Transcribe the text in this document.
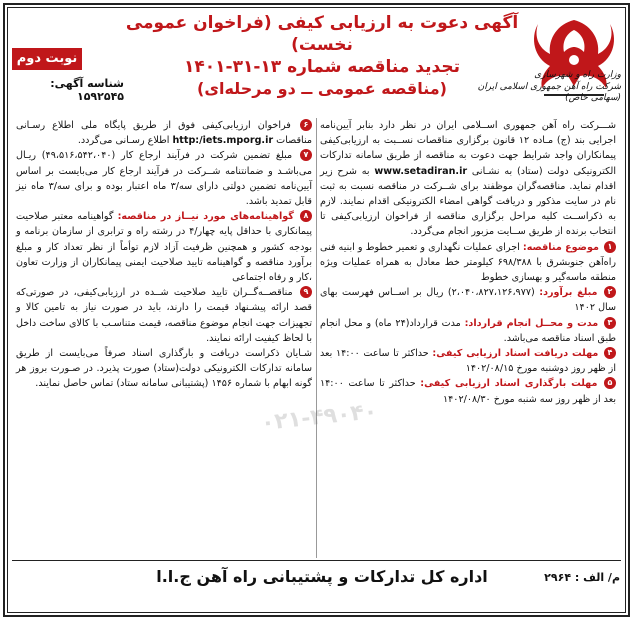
وزارت راه و شهرسازی
شرکت راه آهن جمهوری اسلامی ایران (سهامی خاص)
آگهی دعوت به ارزیابی کیفی (فراخوان عمومی نخست)
تجدید مناقصه شماره ۱۳-۳۱-۱۴۰۱
(مناقصه عمومی ــ دو مرحله‌ای)
نوبت دوم
شناسه آگهی: ۱۵۹۲۵۴۵

شـــرکت راه آهن جمهوری اســلامی ایران در نظر دارد بنابر آیین‌نامه اجرایی بند (ج) مـاده ۱۲ قانون برگزاری مناقصات نســبت به ارزیابی‌کیفی پیمانکاران واجد شرایط جهت دعوت به مناقصه از طریق سامانه تدارکات الکترونیکی دولت (ستاد) به نشـانی www.setadiran.ir به شرح زیر اقدام نماید. مناقصه‌گران موظفند برای شــرکت در مناقصه نسبت به ثبت نام در سایت مذکور و دریافت گواهی امضاء الکترونیکی اقدام نمایند. لازم به ذکراســت کلیه مراحل برگزاری مناقصه از فراخوان ارزیابی‌کیفی تا انتخاب برنده از طریق ســایت مزبور انجام می‌گردد.

۱ موضوع مناقصه: اجرای عملیات نگهداری و تعمیر خطوط و ابنیه فنی راه‌آهن جنوبشرق با ۶۹۸/۳۸۸ کیلومتر خط معادل به همراه عملیات ویژه منطقه ماسه‌گیر و بهسازی خطوط

۲ مبلغ برآورد: (۲،۰۴۰،۸۲۷،۱۲۶،۹۷۷) ریال بر اســاس فهرست بهای سال ۱۴۰۲

۳ مدت و محــل انجام قرارداد: مدت قرارداد(۲۴ ماه) و محل انجام طبق اسناد مناقصه می‌باشد.

۴ مهلت دریافت اسناد ارزیابی کیفی: حداکثر تا ساعت ۱۴:۰۰ بعد از ظهر روز دوشنبه مورخ ۱۴۰۲/۰۸/۱۵

۵ مهلت بارگذاری اسناد ارزیابی کیفی: حداکثر تا ساعت ۱۴:۰۰ بعد از ظهر روز سه شنبه مورخ ۱۴۰۲/۰۸/۳۰

۶ فراخوان ارزیابی‌کیفی فوق از طریق پایگاه ملی اطلاع رسـانی مناقصات http:/iets.mporg.ir اطلاع رسـانی می‌گردد.

۷ مبلغ تضمین شرکت در فرآیند ارجاع کار (۴۹،۵۱۶،۵۴۲،۰۴۰) ریـال می‌باشـد و ضمانتنامه شــرکت در فرآیند ارجاع کار می‌بایست بر اساس آیین‌نامه تضمین دولتی دارای سه/۳ ماه اعتبار بوده و برای سه/۳ ماه نیز قابل تمدید باشد.

۸ گواهینامه‌های مورد نیــاز در مناقصه: گواهینامه معتبر صلاحیت پیمانکاری با حداقل پایه چهار/۴ در رشته راه و ترابری از سازمان برنامه و بودجه کشور و همچنین ظرفیت آزاد لازم توأماً از نظر تعداد کار و مبلغ برآورد مناقصه و گواهینامه تایید صلاحیت ایمنی پیمانکاران از وزارت تعاون ،کار و رفاه اجتماعی

۹ مناقصــه‌گــران تایید صلاحیت شــده در ارزیابی‌کیفی، در صورتی‌که قصد ارائه پیشـنهاد قیمت را دارند، باید در صورت نیاز به تامین کالا و تجهیزات جهت انجام موضوع مناقصه، قیمت متناسـب با کالای ساخت داخل با لحاظ کیفیت ارائه نمایند.

شـایان ذکراست دریافت و بارگذاری اسناد صرفاً می‌بایست از طریق سامانه تدارکات الکترونیکی دولت(ستاد) صورت پذیرد. در صـورت بروز هر گونه ابهام با شماره ۱۴۵۶ (پشتیبانی سامانه ستاد) تماس حاصل نمایند.

۰۲۱-۴۹۰۴۰
اداره کل تدارکات و پشتیبانی راه آهن ج.ا.ا	م/ الف : ۲۹۶۴
